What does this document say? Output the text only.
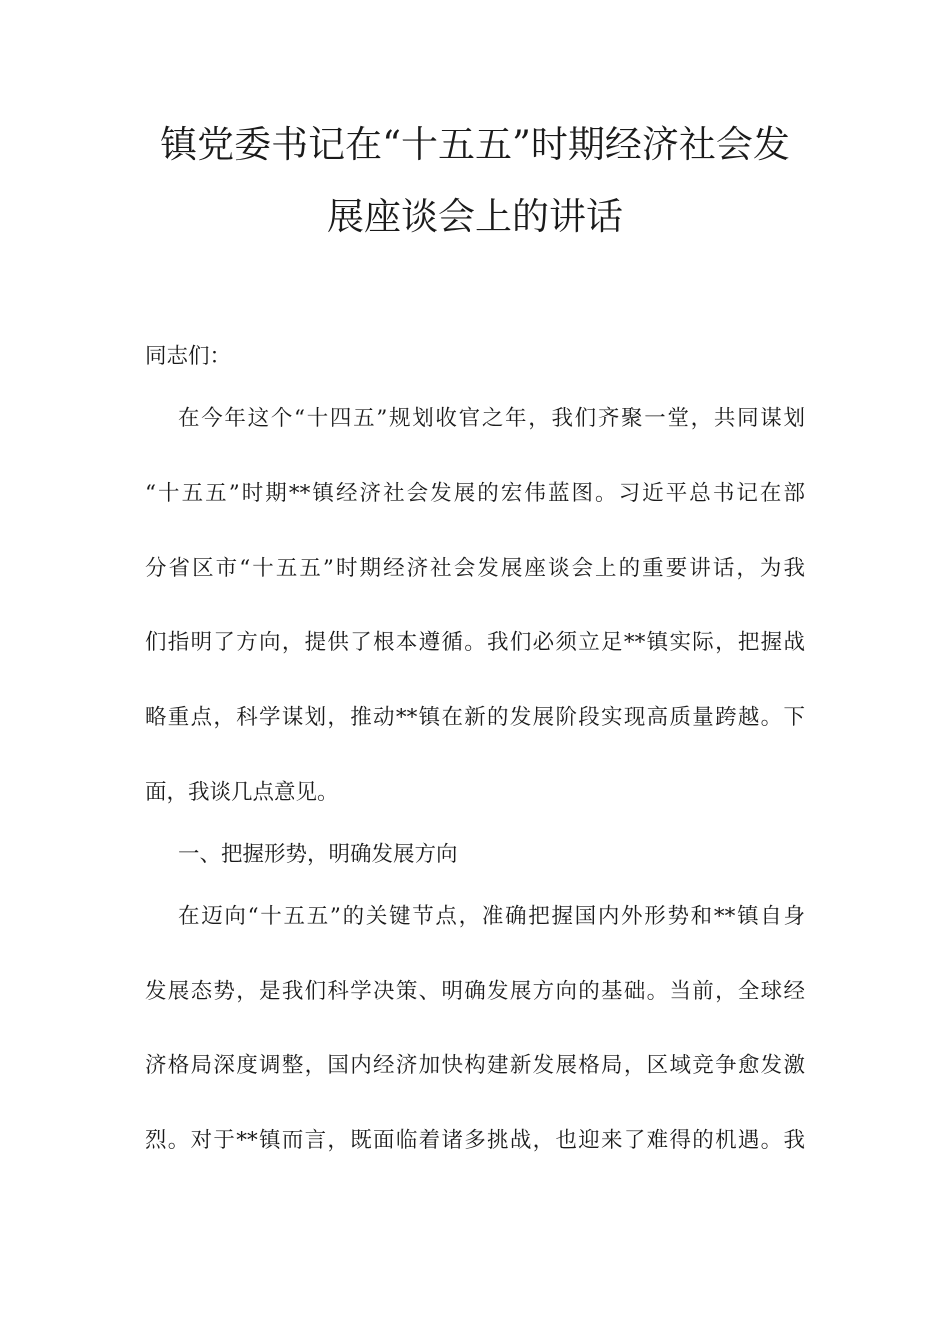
镇党委书记在“十五五”时期经济社会发
展座谈会上的讲话
同志们：
在今年这个“十四五”规划收官之年，我们齐聚一堂，共同谋划
“十五五”时期**镇经济社会发展的宏伟蓝图。习近平总书记在部
分省区市“十五五”时期经济社会发展座谈会上的重要讲话，为我
们指明了方向，提供了根本遵循。我们必须立足**镇实际，把握战
略重点，科学谋划，推动**镇在新的发展阶段实现高质量跨越。下
面，我谈几点意见。
一、把握形势，明确发展方向
在迈向“十五五”的关键节点，准确把握国内外形势和**镇自身
发展态势，是我们科学决策、明确发展方向的基础。当前，全球经
济格局深度调整，国内经济加快构建新发展格局，区域竞争愈发激
烈。对于**镇而言，既面临着诸多挑战，也迎来了难得的机遇。我
